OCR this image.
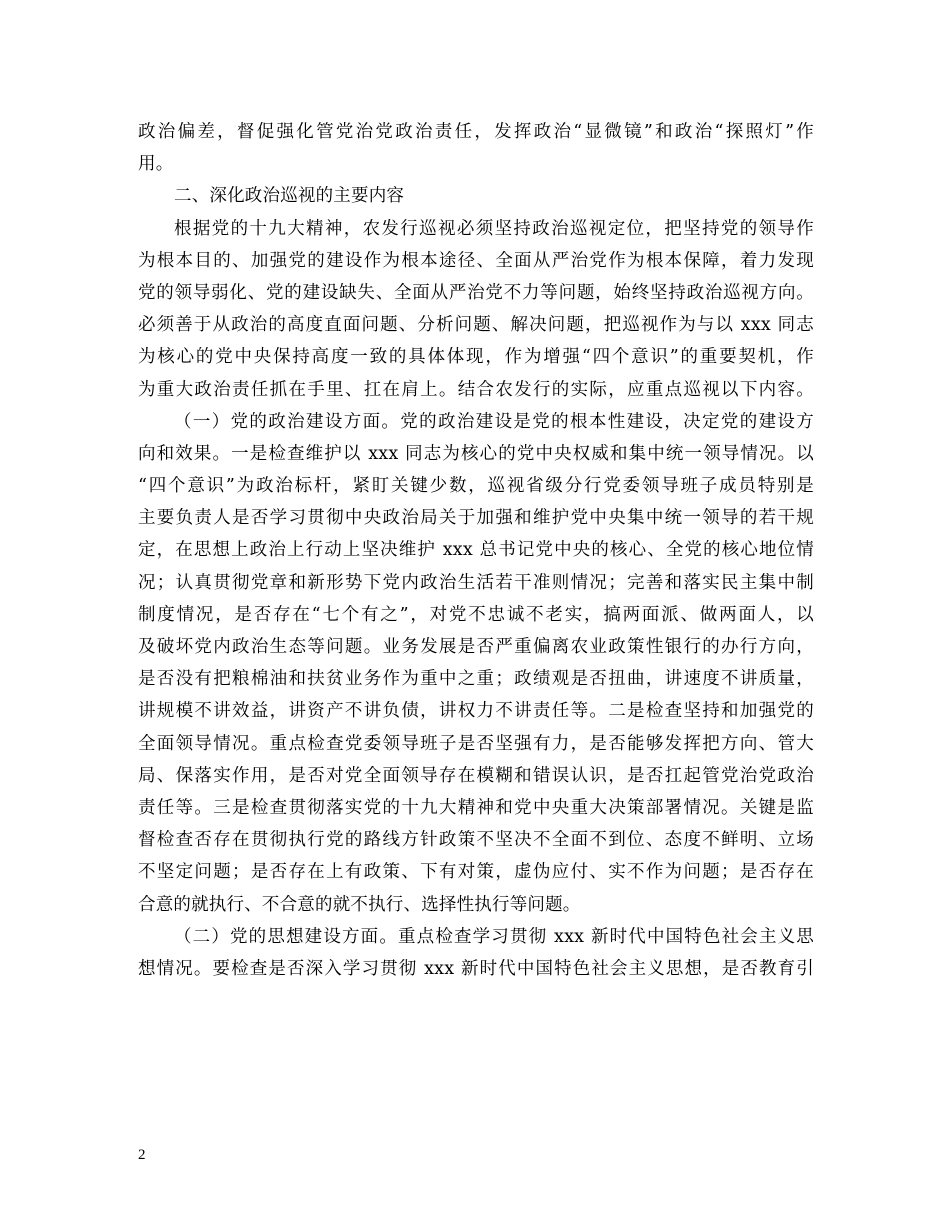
政治偏差，督促强化管党治党政治责任，发挥政治“显微镜”和政治“探照灯”作
用。
二、深化政治巡视的主要内容
根据党的十九大精神，农发行巡视必须坚持政治巡视定位，把坚持党的领导作
为根本目的、加强党的建设作为根本途径、全面从严治党作为根本保障，着力发现
党的领导弱化、党的建设缺失、全面从严治党不力等问题，始终坚持政治巡视方向。
必须善于从政治的高度直面问题、分析问题、解决问题，把巡视作为与以 xxx 同志
为核心的党中央保持高度一致的具体体现，作为增强“四个意识”的重要契机，作
为重大政治责任抓在手里、扛在肩上。结合农发行的实际，应重点巡视以下内容。
（一）党的政治建设方面。党的政治建设是党的根本性建设，决定党的建设方
向和效果。一是检查维护以 xxx 同志为核心的党中央权威和集中统一领导情况。以
“四个意识”为政治标杆，紧盯关键少数，巡视省级分行党委领导班子成员特别是
主要负责人是否学习贯彻中央政治局关于加强和维护党中央集中统一领导的若干规
定，在思想上政治上行动上坚决维护 xxx 总书记党中央的核心、全党的核心地位情
况；认真贯彻党章和新形势下党内政治生活若干准则情况；完善和落实民主集中制
制度情况，是否存在“七个有之”，对党不忠诚不老实，搞两面派、做两面人，以
及破坏党内政治生态等问题。业务发展是否严重偏离农业政策性银行的办行方向，
是否没有把粮棉油和扶贫业务作为重中之重；政绩观是否扭曲，讲速度不讲质量，
讲规模不讲效益，讲资产不讲负债，讲权力不讲责任等。二是检查坚持和加强党的
全面领导情况。重点检查党委领导班子是否坚强有力，是否能够发挥把方向、管大
局、保落实作用，是否对党全面领导存在模糊和错误认识，是否扛起管党治党政治
责任等。三是检查贯彻落实党的十九大精神和党中央重大决策部署情况。关键是监
督检查否存在贯彻执行党的路线方针政策不坚决不全面不到位、态度不鲜明、立场
不坚定问题；是否存在上有政策、下有对策，虚伪应付、实不作为问题；是否存在
合意的就执行、不合意的就不执行、选择性执行等问题。
（二）党的思想建设方面。重点检查学习贯彻 xxx 新时代中国特色社会主义思
想情况。要检查是否深入学习贯彻 xxx 新时代中国特色社会主义思想，是否教育引
2
